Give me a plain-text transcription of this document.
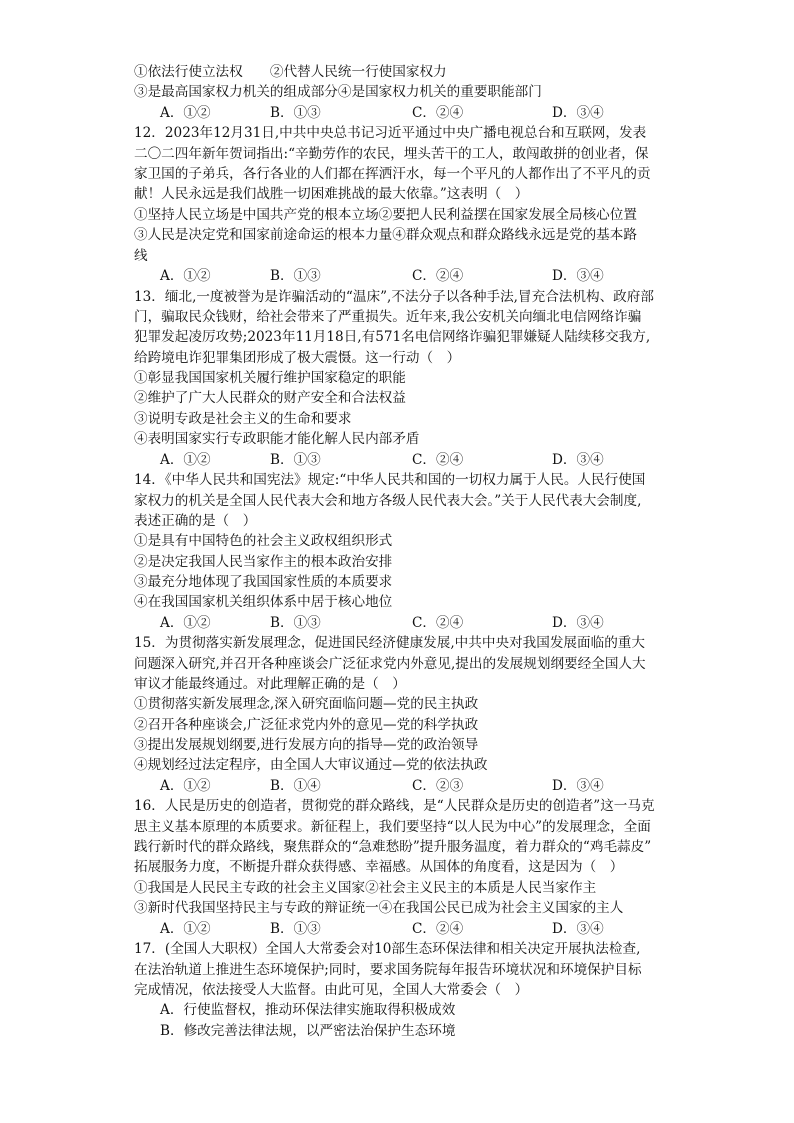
①依法行使立法权　　②代替人民统一行使国家权力
③是最高国家权力机关的组成部分④是国家权力机关的重要职能部门
A．①②	B．①③	C．②④	D．③④
12．2023年12月31日,中共中央总书记习近平通过中央广播电视总台和互联网，发表
二〇二四年新年贺词指出:“辛勤劳作的农民，埋头苦干的工人，敢闯敢拼的创业者，保
家卫国的子弟兵，各行各业的人们都在挥洒汗水，每一个平凡的人都作出了不平凡的贡
献！人民永远是我们战胜一切困难挑战的最大依靠。”这表明（　）
①坚持人民立场是中国共产党的根本立场②要把人民利益摆在国家发展全局核心位置
③人民是决定党和国家前途命运的根本力量④群众观点和群众路线永远是党的基本路
线
A．①②	B．①③	C．②④	D．③④
13．缅北,一度被誉为是诈骗活动的“温床”,不法分子以各种手法,冒充合法机构、政府部
门，骗取民众钱财，给社会带来了严重损失。近年来,我公安机关向缅北电信网络诈骗
犯罪发起凌厉攻势;2023年11月18日,有571名电信网络诈骗犯罪嫌疑人陆续移交我方,
给跨境电诈犯罪集团形成了极大震慑。这一行动（　）
①彰显我国国家机关履行维护国家稳定的职能
②维护了广大人民群众的财产安全和合法权益
③说明专政是社会主义的生命和要求
④表明国家实行专政职能才能化解人民内部矛盾
A．①②	B．①③	C．②④	D．③④
14．《中华人民共和国宪法》规定:“中华人民共和国的一切权力属于人民。人民行使国
家权力的机关是全国人民代表大会和地方各级人民代表大会。”关于人民代表大会制度,
表述正确的是（　）
①是具有中国特色的社会主义政权组织形式
②是决定我国人民当家作主的根本政治安排
③最充分地体现了我国国家性质的本质要求
④在我国国家机关组织体系中居于核心地位
A．①②	B．①③	C．②④	D．③④
15．为贯彻落实新发展理念，促进国民经济健康发展,中共中央对我国发展面临的重大
问题深入研究,并召开各种座谈会广泛征求党内外意见,提出的发展规划纲要经全国人大
审议才能最终通过。对此理解正确的是（　）
①贯彻落实新发展理念,深入研究面临问题—党的民主执政
②召开各种座谈会,广泛征求党内外的意见—党的科学执政
③提出发展规划纲要,进行发展方向的指导—党的政治领导
④规划经过法定程序，由全国人大审议通过—党的依法执政
A．①②	B．①④	C．②③	D．③④
16．人民是历史的创造者，贯彻党的群众路线，是“人民群众是历史的创造者”这一马克
思主义基本原理的本质要求。新征程上，我们要坚持“以人民为中心”的发展理念，全面
践行新时代的群众路线，聚焦群众的“急难愁盼”提升服务温度，着力群众的“鸡毛蒜皮”
拓展服务力度，不断提升群众获得感、幸福感。从国体的角度看，这是因为（　）
①我国是人民民主专政的社会主义国家②社会主义民主的本质是人民当家作主
③新时代我国坚持民主与专政的辩证统一④在我国公民已成为社会主义国家的主人
A．①②	B．①③	C．②④	D．③④
17．(全国人大职权）全国人大常委会对10部生态环保法律和相关决定开展执法检查,
在法治轨道上推进生态环境保护;同时，要求国务院每年报告环境状况和环境保护目标
完成情况，依法接受人大监督。由此可见，全国人大常委会（　）
A．行使监督权，推动环保法律实施取得积极成效
B．修改完善法律法规，以严密法治保护生态环境
